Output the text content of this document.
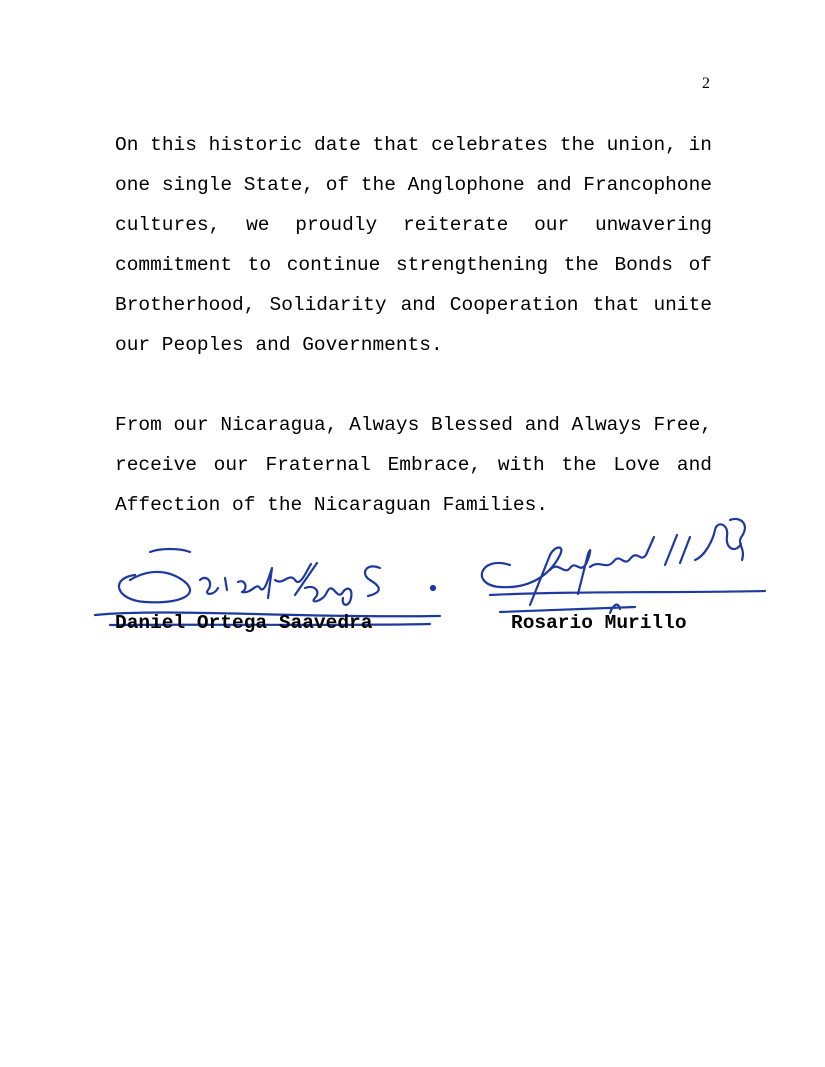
2

On this historic date that celebrates the union, in one single State, of the Anglophone and Francophone cultures, we proudly reiterate our unwavering commitment to continue strengthening the Bonds of Brotherhood, Solidarity and Cooperation that unite our Peoples and Governments.

From our Nicaragua, Always Blessed and Always Free, receive our Fraternal Embrace, with the Love and Affection of the Nicaraguan Families.

Daniel Ortega Saavedra	Rosario Murillo
